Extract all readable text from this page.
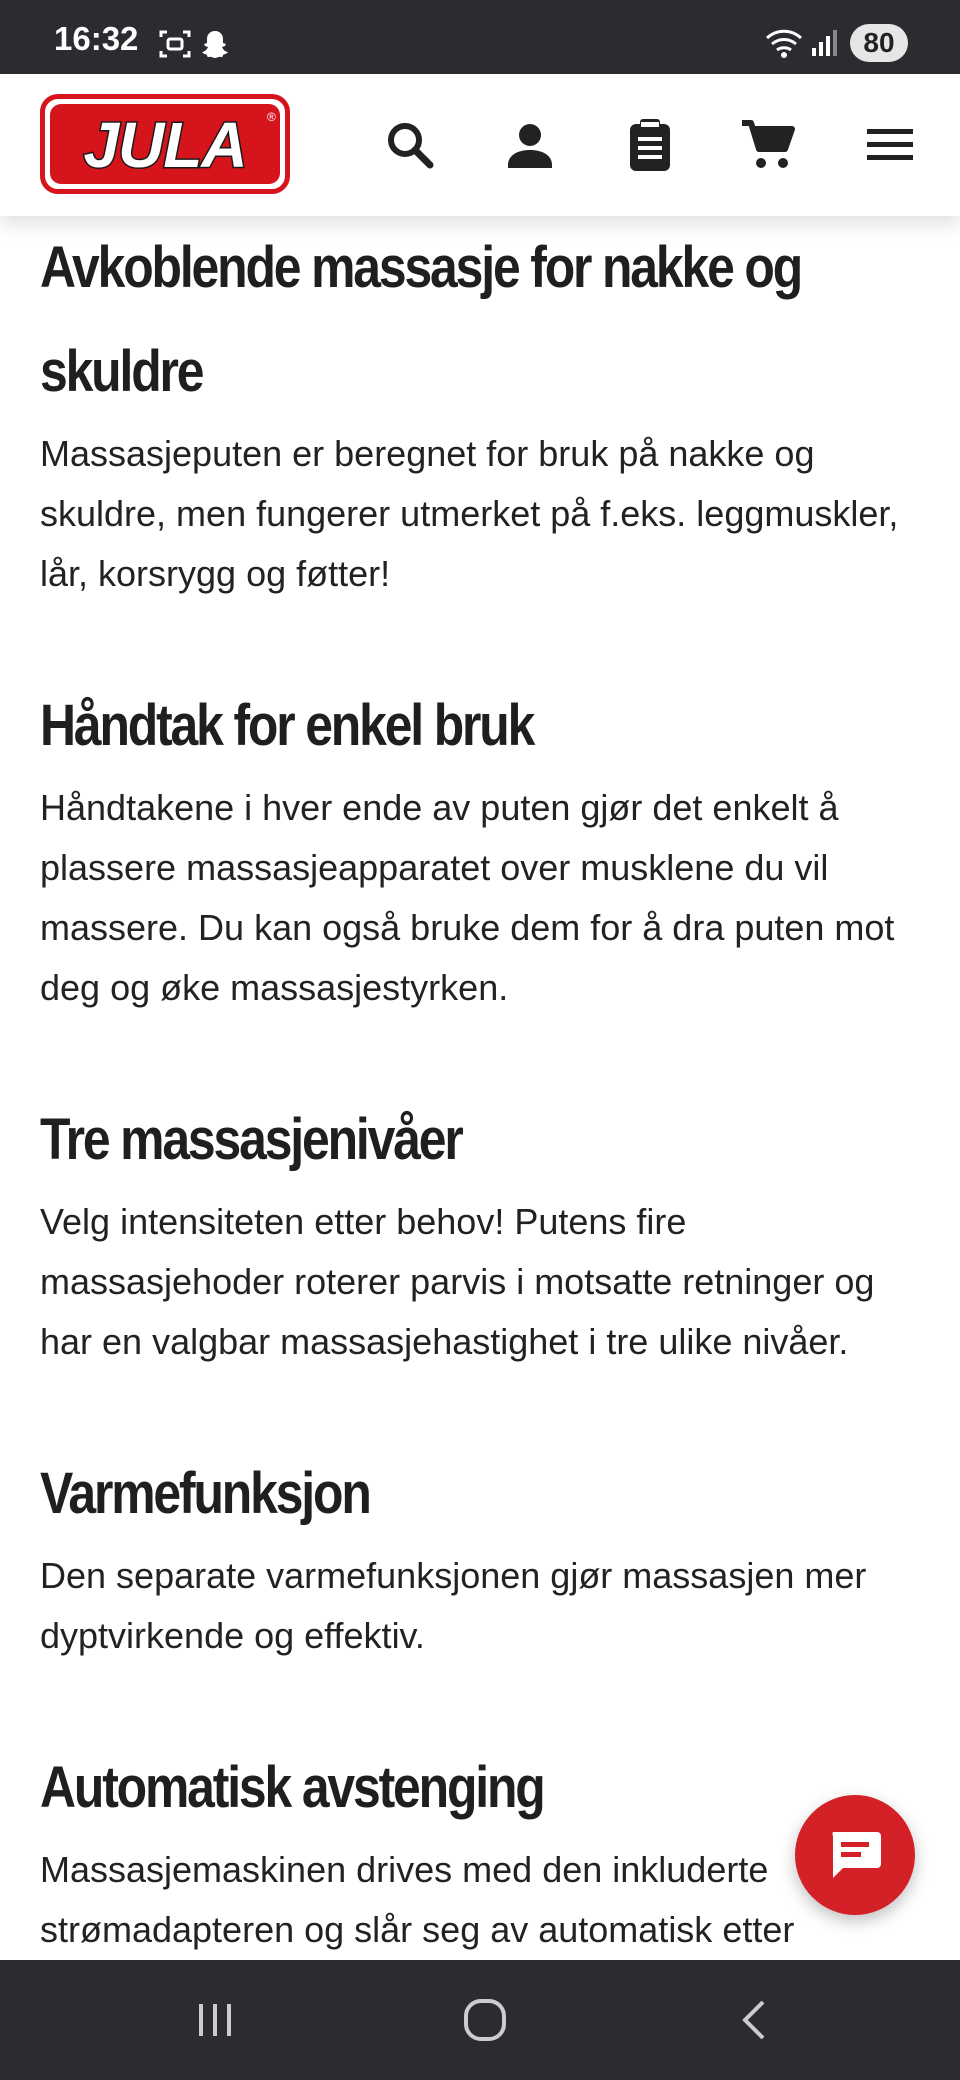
16:32	80
JULA ®
Avkoblende massasje for nakke og skuldre

Massasjeputen er beregnet for bruk på nakke og skuldre, men fungerer utmerket på f.eks. leggmuskler, lår, korsrygg og føtter!

Håndtak for enkel bruk

Håndtakene i hver ende av puten gjør det enkelt å plassere massasjeapparatet over musklene du vil massere. Du kan også bruke dem for å dra puten mot deg og øke massasjestyrken.

Tre massasjenivåer

Velg intensiteten etter behov! Putens fire massasjehoder roterer parvis i motsatte retninger og har en valgbar massasjehastighet i tre ulike nivåer.

Varmefunksjon

Den separate varmefunksjonen gjør massasjen mer dyptvirkende og effektiv.

Automatisk avstenging

Massasjemaskinen drives med den inkluderte strømadapteren og slår seg av automatisk etter
